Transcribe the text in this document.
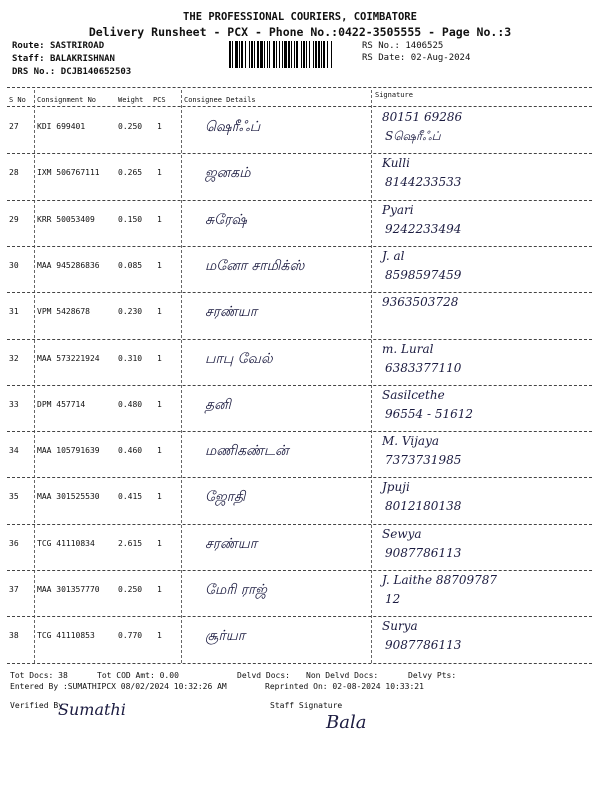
THE PROFESSIONAL COURIERS, COIMBATORE
Delivery Runsheet - PCX - Phone No.:0422-3505555 - Page No.:3
Route: SASTRIROAD
Staff: BALAKRISHNAN
DRS No.: DCJB140652503
RS No.: 1406525
RS Date: 02-Aug-2024
S No Consignment No	Weight PCS	Consignee Details
Signature
27 KDI 699401	0.250 1	ஷெரீஃப்
80151 69286
Sஷெரீஃப்
28 IXM 506767111 0.265 1	ஜனகம்
Kulli
8144233533
29 KRR 50053409	0.150 1	சுரேஷ்
Pyari
9242233494
30 MAA 945286836 0.085 1	மனோ சாமிக்ஸ்
J. al
8598597459
31 VPM 5428678	0.230 1	சரண்யா
9363503728
32 MAA 573221924 0.310 1	பாபு வேல்
m. Lural
6383377110
33 DPM 457714	0.480 1	தனி
Sasilcethe
96554 - 51612
34 MAA 105791639 0.460 1	மணிகண்டன்
M. Vijaya
7373731985
35 MAA 301525530 0.415 1	ஜோதி
Jpuji
8012180138
36 TCG 41110834	2.615 1	சரண்யா
Sewya
9087786113
37 MAA 301357770 0.250 1	மேரி ராஜ்
J. Laithe 88709787
12
38 TCG 41110853	0.770 1	சூர்யா
Surya
9087786113
Tot Docs: 38	Tot COD Amt: 0.00	Delvd Docs: Non Delvd Docs:	Delvy Pts:
Entered By :SUMATHIPCX 08/02/2024 10:32:26 AM	Reprinted On: 02-08-2024 10:33:21
Verified By
Sumathi	Staff Signature
Bala
